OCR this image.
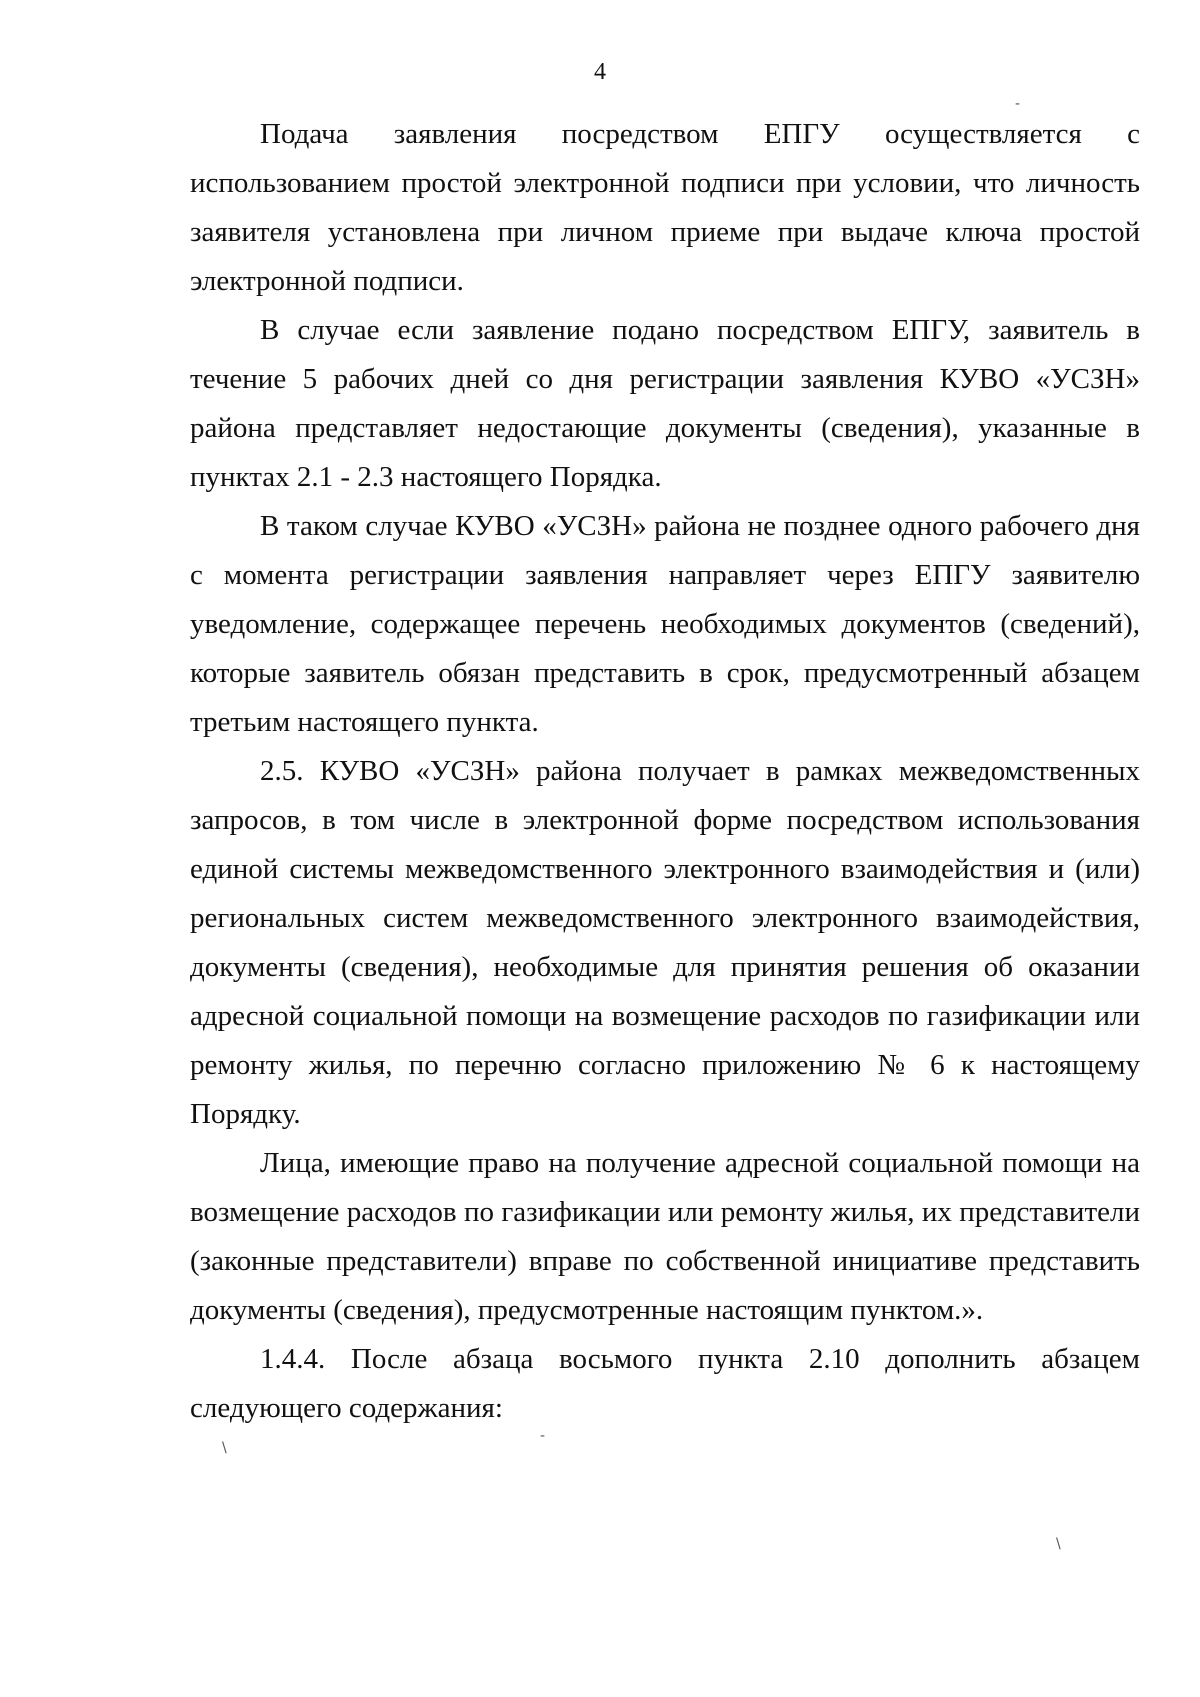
4

Подача заявления посредством ЕПГУ осуществляется с использованием простой электронной подписи при условии, что личность заявителя установлена при личном приеме при выдаче ключа простой электронной подписи.

В случае если заявление подано посредством ЕПГУ, заявитель в течение 5 рабочих дней со дня регистрации заявления КУВО «УСЗН» района представляет недостающие документы (сведения), указанные в пунктах 2.1 - 2.3 настоящего Порядка.

В таком случае КУВО «УСЗН» района не позднее одного рабочего дня с момента регистрации заявления направляет через ЕПГУ заявителю уведомление, содержащее перечень необходимых документов (сведений), которые заявитель обязан представить в срок, предусмотренный абзацем третьим настоящего пункта.

2.5. КУВО «УСЗН» района получает в рамках межведомственных запросов, в том числе в электронной форме посредством использования единой системы межведомственного электронного взаимодействия и (или) региональных систем межведомственного электронного взаимодействия, документы (сведения), необходимые для принятия решения об оказании адресной социальной помощи на возмещение расходов по газификации или ремонту жилья, по перечню согласно приложению № 6 к настоящему Порядку.

Лица, имеющие право на получение адресной социальной помощи на возмещение расходов по газификации или ремонту жилья, их представители (законные представители) вправе по собственной инициативе представить документы (сведения), предусмотренные настоящим пунктом.».

1.4.4. После абзаца восьмого пункта 2.10 дополнить абзацем следующего содержания:

-
\
-
\
